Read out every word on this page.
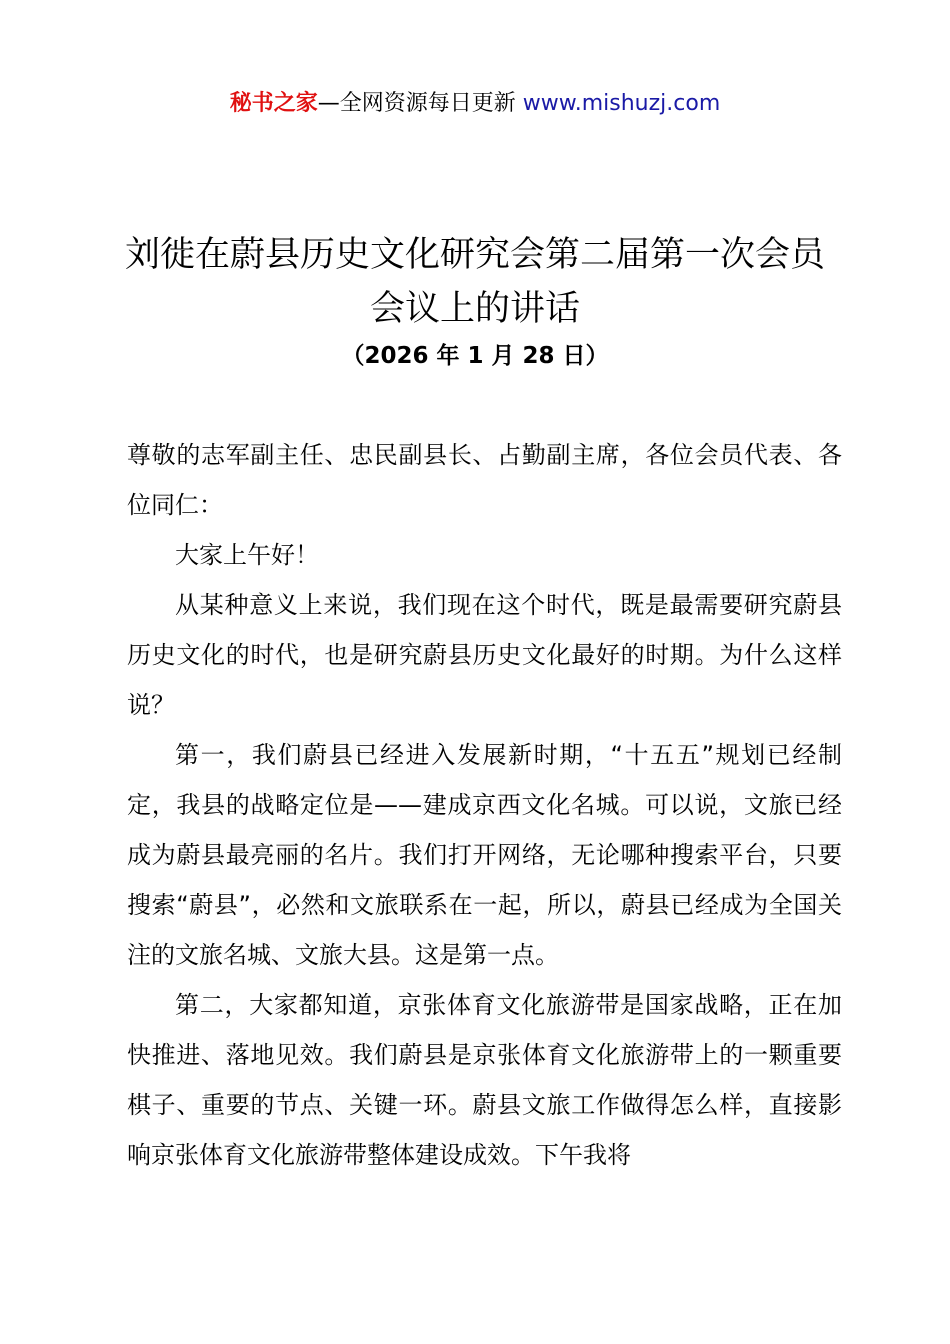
秘书之家—全网资源每日更新 www.mishuzj.com
刘徙在蔚县历史文化研究会第二届第一次会员会议上的讲话
（2026 年 1 月 28 日）

尊敬的志军副主任、忠民副县长、占勤副主席，各位会员代表、各位同仁：

大家上午好！

从某种意义上来说，我们现在这个时代，既是最需要研究蔚县历史文化的时代，也是研究蔚县历史文化最好的时期。为什么这样说？

第一，我们蔚县已经进入发展新时期，“十五五”规划已经制定，我县的战略定位是——建成京西文化名城。可以说，文旅已经成为蔚县最亮丽的名片。我们打开网络，无论哪种搜索平台，只要搜索“蔚县”，必然和文旅联系在一起，所以，蔚县已经成为全国关注的文旅名城、文旅大县。这是第一点。

第二，大家都知道，京张体育文化旅游带是国家战略，正在加快推进、落地见效。我们蔚县是京张体育文化旅游带上的一颗重要棋子、重要的节点、关键一环。蔚县文旅工作做得怎么样，直接影响京张体育文化旅游带整体建设成效。下午我将
